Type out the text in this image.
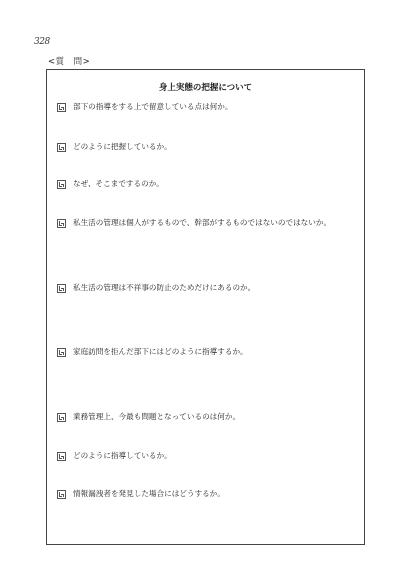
328
<質　問>
身上実態の把握について
部下の指導をする上で留意している点は何か。
どのように把握しているか。
なぜ、そこまでするのか。
私生活の管理は個人がするもので、幹部がするものではないのではないか。
私生活の管理は不祥事の防止のためだけにあるのか。
家庭訪問を拒んだ部下にはどのように指導するか。
業務管理上、今最も問題となっているのは何か。
どのように指導しているか。
情報漏洩者を発見した場合にはどうするか。
